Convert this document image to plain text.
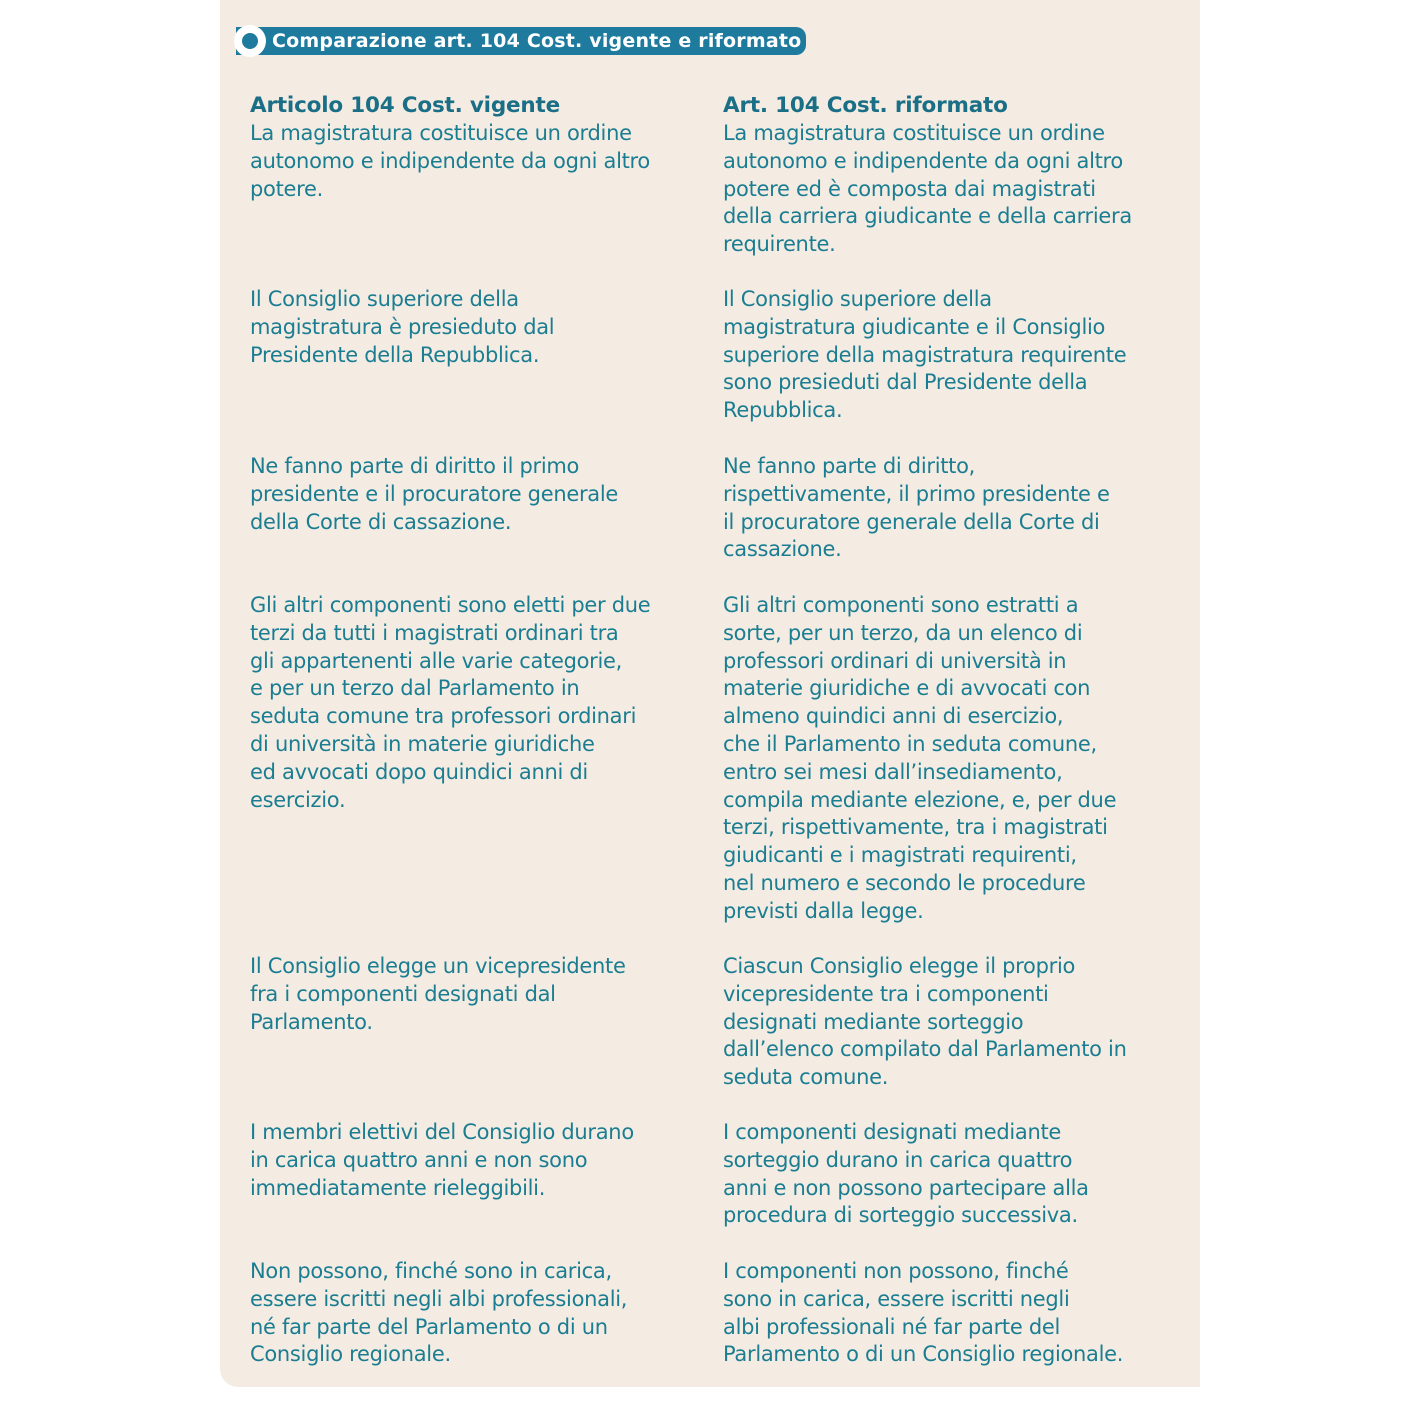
Comparazione art. 104 Cost. vigente e riformato
Articolo 104 Cost. vigente	Art. 104 Cost. riformato

La magistratura costituisce un ordine
autonomo e indipendente da ogni altro
potere.

Il Consiglio superiore della
magistratura è presieduto dal
Presidente della Repubblica.

Ne fanno parte di diritto il primo
presidente e il procuratore generale
della Corte di cassazione.

Gli altri componenti sono eletti per due
terzi da tutti i magistrati ordinari tra
gli appartenenti alle varie categorie,
e per un terzo dal Parlamento in
seduta comune tra professori ordinari
di università in materie giuridiche
ed avvocati dopo quindici anni di
esercizio.

Il Consiglio elegge un vicepresidente
fra i componenti designati dal
Parlamento.

I membri elettivi del Consiglio durano
in carica quattro anni e non sono
immediatamente rieleggibili.

Non possono, finché sono in carica,
essere iscritti negli albi professionali,
né far parte del Parlamento o di un
Consiglio regionale.

La magistratura costituisce un ordine
autonomo e indipendente da ogni altro
potere ed è composta dai magistrati
della carriera giudicante e della carriera
requirente.

Il Consiglio superiore della
magistratura giudicante e il Consiglio
superiore della magistratura requirente
sono presieduti dal Presidente della
Repubblica.

Ne fanno parte di diritto,
rispettivamente, il primo presidente e
il procuratore generale della Corte di
cassazione.

Gli altri componenti sono estratti a
sorte, per un terzo, da un elenco di
professori ordinari di università in
materie giuridiche e di avvocati con
almeno quindici anni di esercizio,
che il Parlamento in seduta comune,
entro sei mesi dall’insediamento,
compila mediante elezione, e, per due
terzi, rispettivamente, tra i magistrati
giudicanti e i magistrati requirenti,
nel numero e secondo le procedure
previsti dalla legge.

Ciascun Consiglio elegge il proprio
vicepresidente tra i componenti
designati mediante sorteggio
dall’elenco compilato dal Parlamento in
seduta comune.

I componenti designati mediante
sorteggio durano in carica quattro
anni e non possono partecipare alla
procedura di sorteggio successiva.

I componenti non possono, finché
sono in carica, essere iscritti negli
albi professionali né far parte del
Parlamento o di un Consiglio regionale.
